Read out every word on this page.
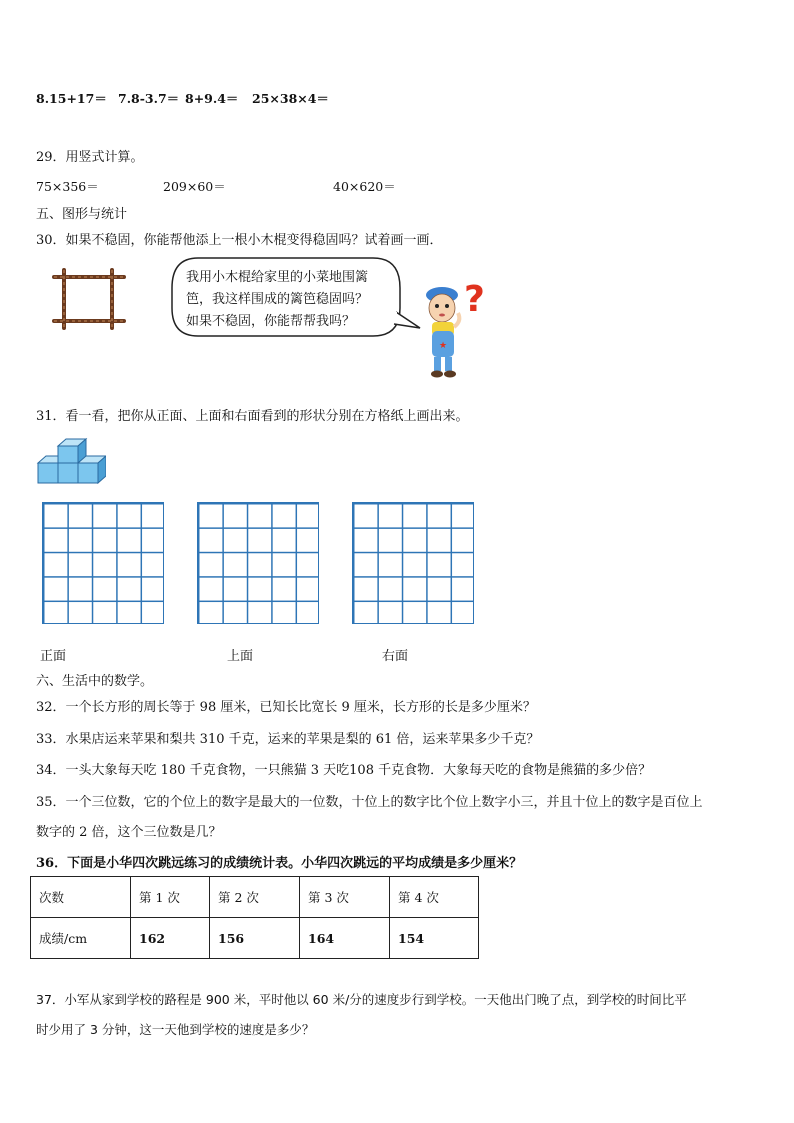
8.15+17＝ 7.8-3.7＝ 8+9.4＝ 25×38×4＝
29．用竖式计算。
75×356＝	209×60＝	40×620＝
五、图形与统计
30．如果不稳固，你能帮他添上一根小木棍变得稳固吗？试着画一画．
我用小木棍给家里的小菜地围篱
笆，我这样围成的篱笆稳固吗？
如果不稳固，你能帮帮我吗？
?
★
31．看一看，把你从正面、上面和右面看到的形状分别在方格纸上画出来。
正面	上面	右面
六、生活中的数学。
32．一个长方形的周长等于 98 厘米，已知长比宽长 9 厘米，长方形的长是多少厘米？
33．水果店运来苹果和梨共 310 千克，运来的苹果是梨的 61 倍，运来苹果多少千克？
34．一头大象每天吃 180 千克食物，一只熊猫 3 天吃108 千克食物．大象每天吃的食物是熊猫的多少倍？
35．一个三位数，它的个位上的数字是最大的一位数，十位上的数字比个位上数字小三，并且十位上的数字是百位上
数字的 2 倍，这个三位数是几？
36．下面是小华四次跳远练习的成绩统计表。小华四次跳远的平均成绩是多少厘米？
次数	第 1 次	第 2 次	第 3 次	第 4 次
成绩/cm	162	156	164	154
37．小军从家到学校的路程是 900 米，平时他以 60 米/分的速度步行到学校。一天他出门晚了点，到学校的时间比平
时少用了 3 分钟，这一天他到学校的速度是多少？
